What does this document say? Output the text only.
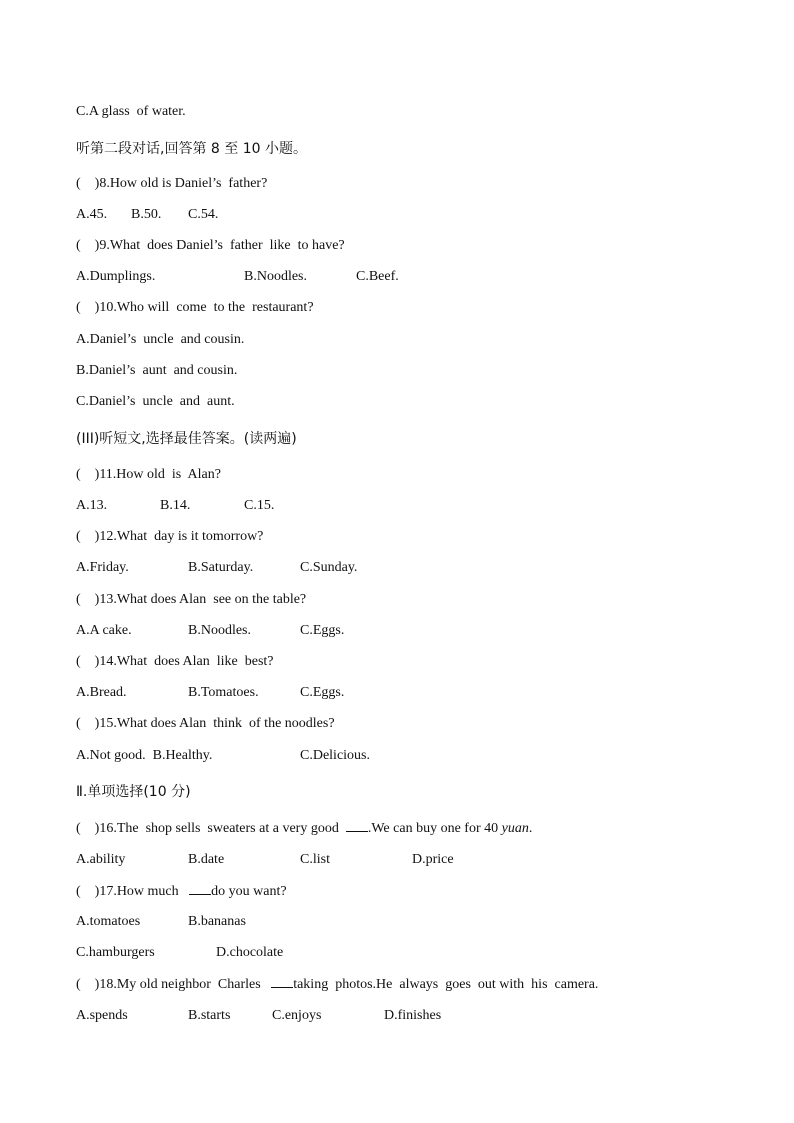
C.A glass  of water.
听第二段对话,回答第 8 至 10 小题。
(    )8.How old is Daniel’s  father?

A.45.

B.50.

C.54.

(    )9.What  does Daniel’s  father  like  to have?

A.Dumplings.

	B.Noodles.

	C.Beef.

(    )10.Who will  come  to the  restaurant?
A.Daniel’s  uncle  and cousin.
B.Daniel’s  aunt  and cousin.
C.Daniel’s  uncle  and  aunt.
(III)听短文,选择最佳答案。(读两遍)
(    )11.How old  is  Alan?

A.13.

	B.14.

	C.15.

(    )12.What  day is it tomorrow?

A.Friday.

	B.Saturday.

	C.Sunday.

(    )13.What does Alan  see on the table?

A.A cake.

	B.Noodles.

	C.Eggs.

(    )14.What  does Alan  like  best?

A.Bread.

	B.Tomatoes.

	C.Eggs.

(    )15.What does Alan  think  of the noodles?

A.Not good.  B.Healthy.

	C.Delicious.

Ⅱ.单项选择(10 分)
(    )16.The  shop sells  sweaters at a very good  .We can buy one for 40 yuan.

A.ability

	B.date

	C.list

	D.price

(    )17.How much   do you want?

A.tomatoes

	B.bananas

C.hamburgers

	D.chocolate

(    )18.My old neighbor  Charles   taking  photos.He  always  goes  out with  his  camera.

A.spends

	B.starts

	C.enjoys

	D.finishes
